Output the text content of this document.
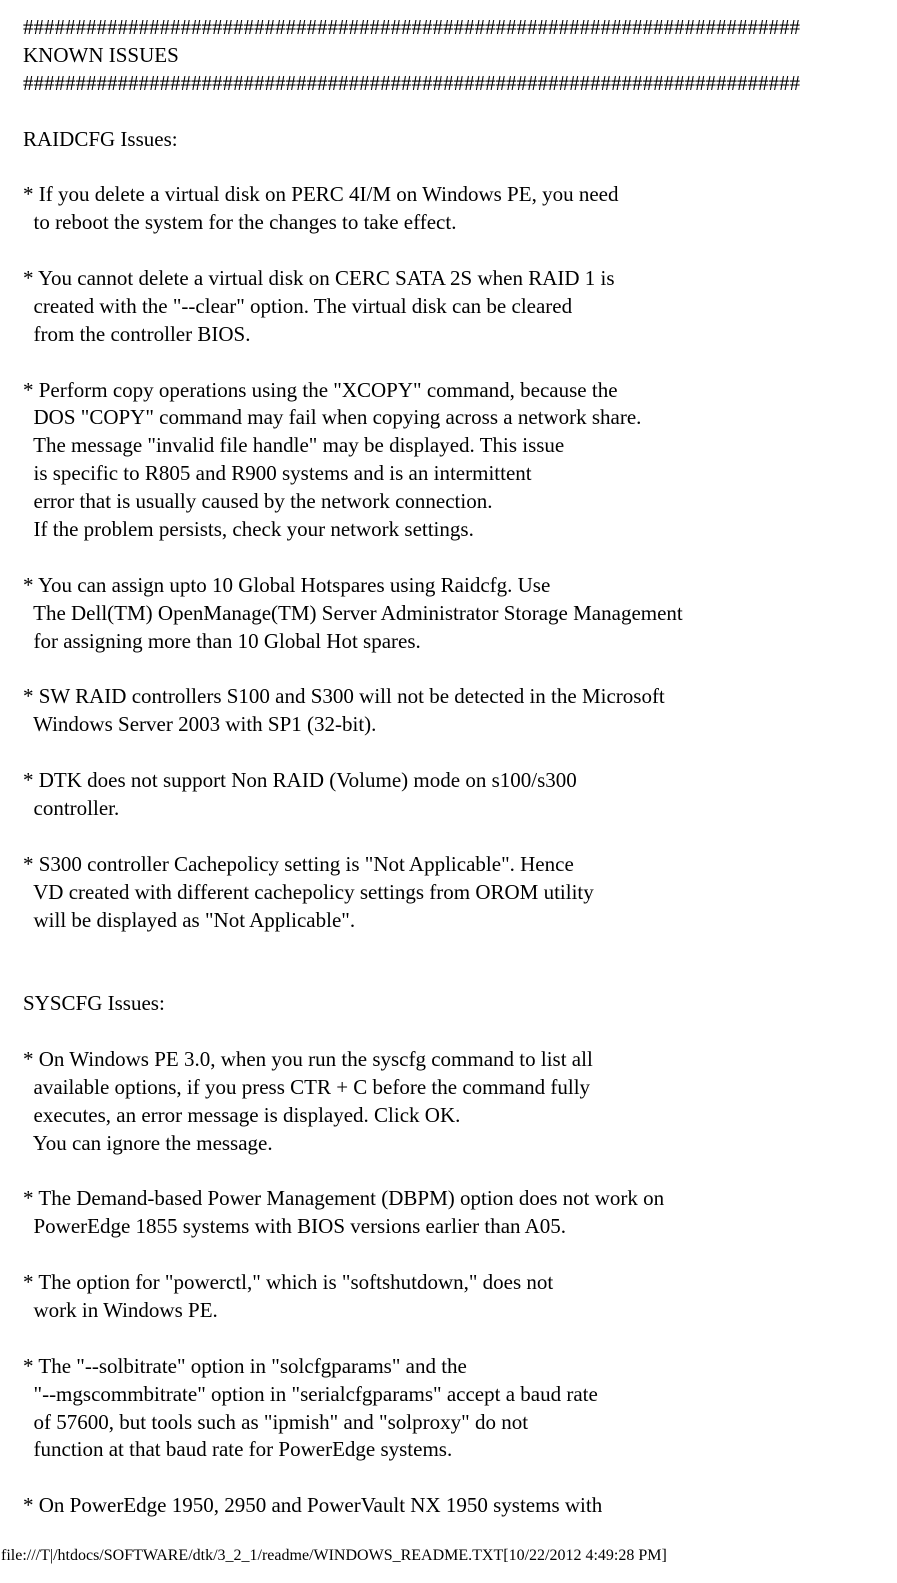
##########################################################################
KNOWN ISSUES
##########################################################################
RAIDCFG Issues:
* If you delete a virtual disk on PERC 4I/M on Windows PE, you need
to reboot the system for the changes to take effect.
* You cannot delete a virtual disk on CERC SATA 2S when RAID 1 is
created with the "--clear" option. The virtual disk can be cleared
from the controller BIOS.
* Perform copy operations using the "XCOPY" command, because the
DOS "COPY" command may fail when copying across a network share.
The message "invalid file handle" may be displayed. This issue
is specific to R805 and R900 systems and is an intermittent
error that is usually caused by the network connection.
If the problem persists, check your network settings.
* You can assign upto 10 Global Hotspares using Raidcfg. Use
The Dell(TM) OpenManage(TM) Server Administrator Storage Management
for assigning more than 10 Global Hot spares.
* SW RAID controllers S100 and S300 will not be detected in the Microsoft
Windows Server 2003 with SP1 (32-bit).
* DTK does not support Non RAID (Volume) mode on s100/s300
controller.
* S300 controller Cachepolicy setting is "Not Applicable". Hence
VD created with different cachepolicy settings from OROM utility
will be displayed as "Not Applicable".
SYSCFG Issues:
* On Windows PE 3.0, when you run the syscfg command to list all
available options, if you press CTR + C before the command fully
executes, an error message is displayed. Click OK.
You can ignore the message.
* The Demand-based Power Management (DBPM) option does not work on
PowerEdge 1855 systems with BIOS versions earlier than A05.
* The option for "powerctl," which is "softshutdown," does not
work in Windows PE.
* The "--solbitrate" option in "solcfgparams" and the
"--mgscommbitrate" option in "serialcfgparams" accept a baud rate
of 57600, but tools such as "ipmish" and "solproxy" do not
function at that baud rate for PowerEdge systems.
* On PowerEdge 1950, 2950 and PowerVault NX 1950 systems with
file:///T|/htdocs/SOFTWARE/dtk/3_2_1/readme/WINDOWS_README.TXT[10/22/2012 4:49:28 PM]
